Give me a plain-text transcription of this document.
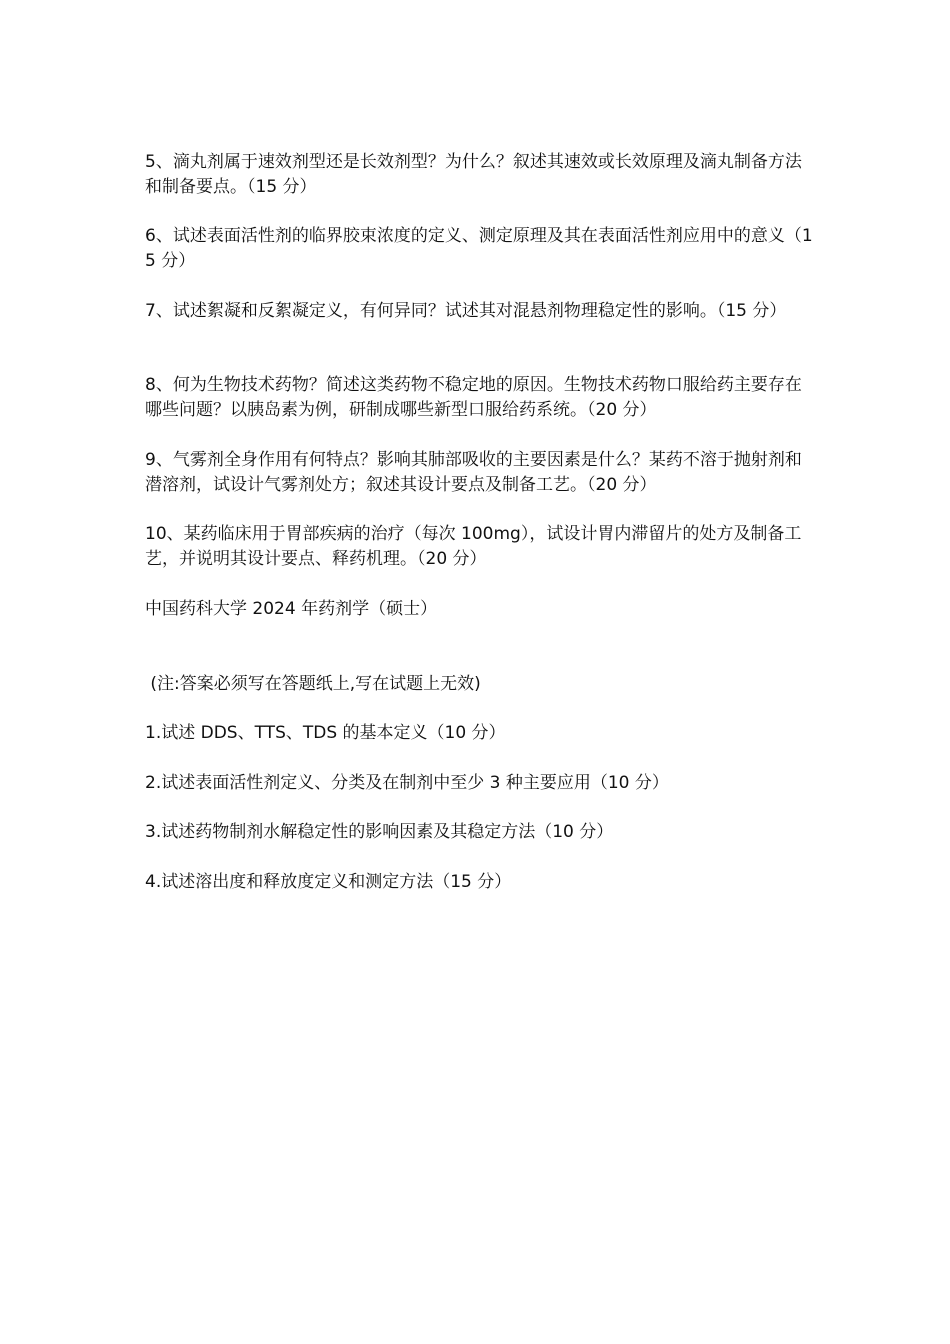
5、滴丸剂属于速效剂型还是长效剂型？为什么？叙述其速效或长效原理及滴丸制备方法和制备要点。（15 分）

6、试述表面活性剂的临界胶束浓度的定义、测定原理及其在表面活性剂应用中的意义（15 分）

7、试述絮凝和反絮凝定义，有何异同？试述其对混悬剂物理稳定性的影响。（15 分）

8、何为生物技术药物？简述这类药物不稳定地的原因。生物技术药物口服给药主要存在哪些问题？以胰岛素为例，研制成哪些新型口服给药系统。（20 分）

9、气雾剂全身作用有何特点？影响其肺部吸收的主要因素是什么？某药不溶于抛射剂和潜溶剂，试设计气雾剂处方；叙述其设计要点及制备工艺。（20 分）

10、某药临床用于胃部疾病的治疗（每次 100mg），试设计胃内滞留片的处方及制备工艺，并说明其设计要点、释药机理。（20 分）

中国药科大学 2024 年药剂学（硕士）

(注:答案必须写在答题纸上,写在试题上无效)

1.试述 DDS、TTS、TDS 的基本定义（10 分）

2.试述表面活性剂定义、分类及在制剂中至少 3 种主要应用（10 分）

3.试述药物制剂水解稳定性的影响因素及其稳定方法（10 分）

4.试述溶出度和释放度定义和测定方法（15 分）
